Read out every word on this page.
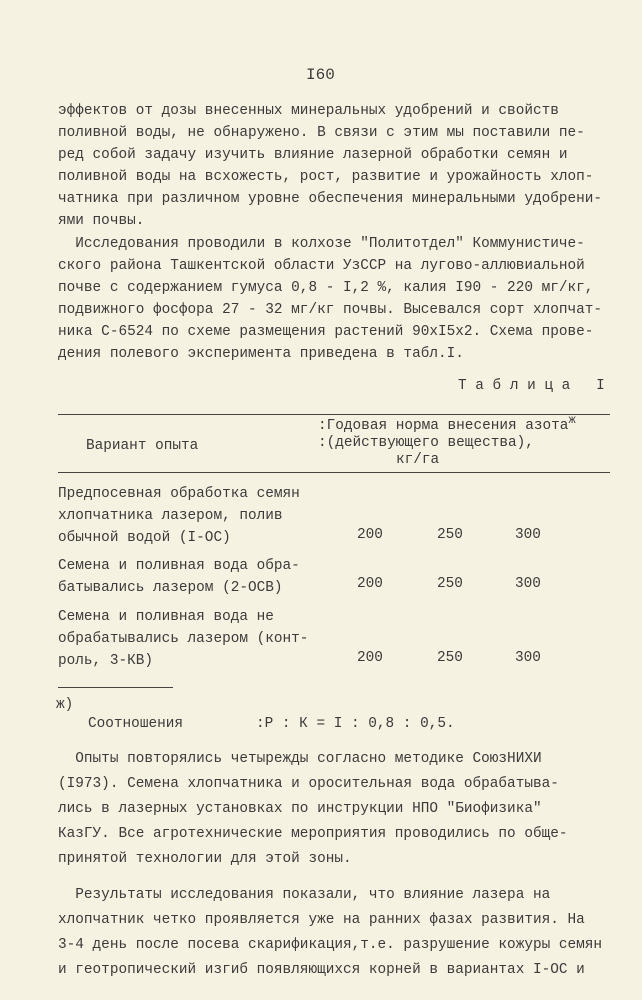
I60
эффектов от дозы внесенных минеральных удобрений и свойств
поливной воды, не обнаружено. В связи с этим мы поставили пе-
ред собой задачу изучить влияние лазерной обработки семян и
поливной воды на всхожесть, рост, развитие и урожайность хлоп-
чатника при различном уровне обеспечения минеральными удобрени-
ями почвы.
Исследования проводили в колхозе "Политотдел" Коммунистиче-
ского района Ташкентской области УзССР на лугово-аллювиальной
почве с содержанием гумуса 0,8 - I,2 %, калия I90 - 220 мг/кг,
подвижного фосфора 27 - 32 мг/кг почвы. Высевался сорт хлопчат-
ника С-6524 по схеме размещения растений 90xI5x2. Схема прове-
дения полевого эксперимента приведена в табл.I.
Т а б л и ц а   I
Вариант опыта
:Годовая норма внесения азота$^ж$
:(действующего вещества),
кг/га
Предпосевная обработка семян
хлопчатника лазером, полив
обычной водой (I-ОС)	200	250	300
Семена и поливная вода обра-
батывались лазером (2-ОСВ)	200	250	300
Семена и поливная вода не
обрабатывались лазером (конт-
роль, 3-КВ)	200	250	300
ж)
Соотношения	:Р : К = I : 0,8 : 0,5.
Опыты повторялись четырежды согласно методике СоюзНИХИ
(I973). Семена хлопчатника и оросительная вода обрабатыва-
лись в лазерных установках по инструкции НПО "Биофизика"
КазГУ. Все агротехнические мероприятия проводились по обще-
принятой технологии для этой зоны.
Результаты исследования показали, что влияние лазера на
хлопчатник четко проявляется уже на ранних фазах развития. На
3-4 день после посева скарификация,т.е. разрушение кожуры семян
и геотропический изгиб появляющихся корней в вариантах I-ОС и
